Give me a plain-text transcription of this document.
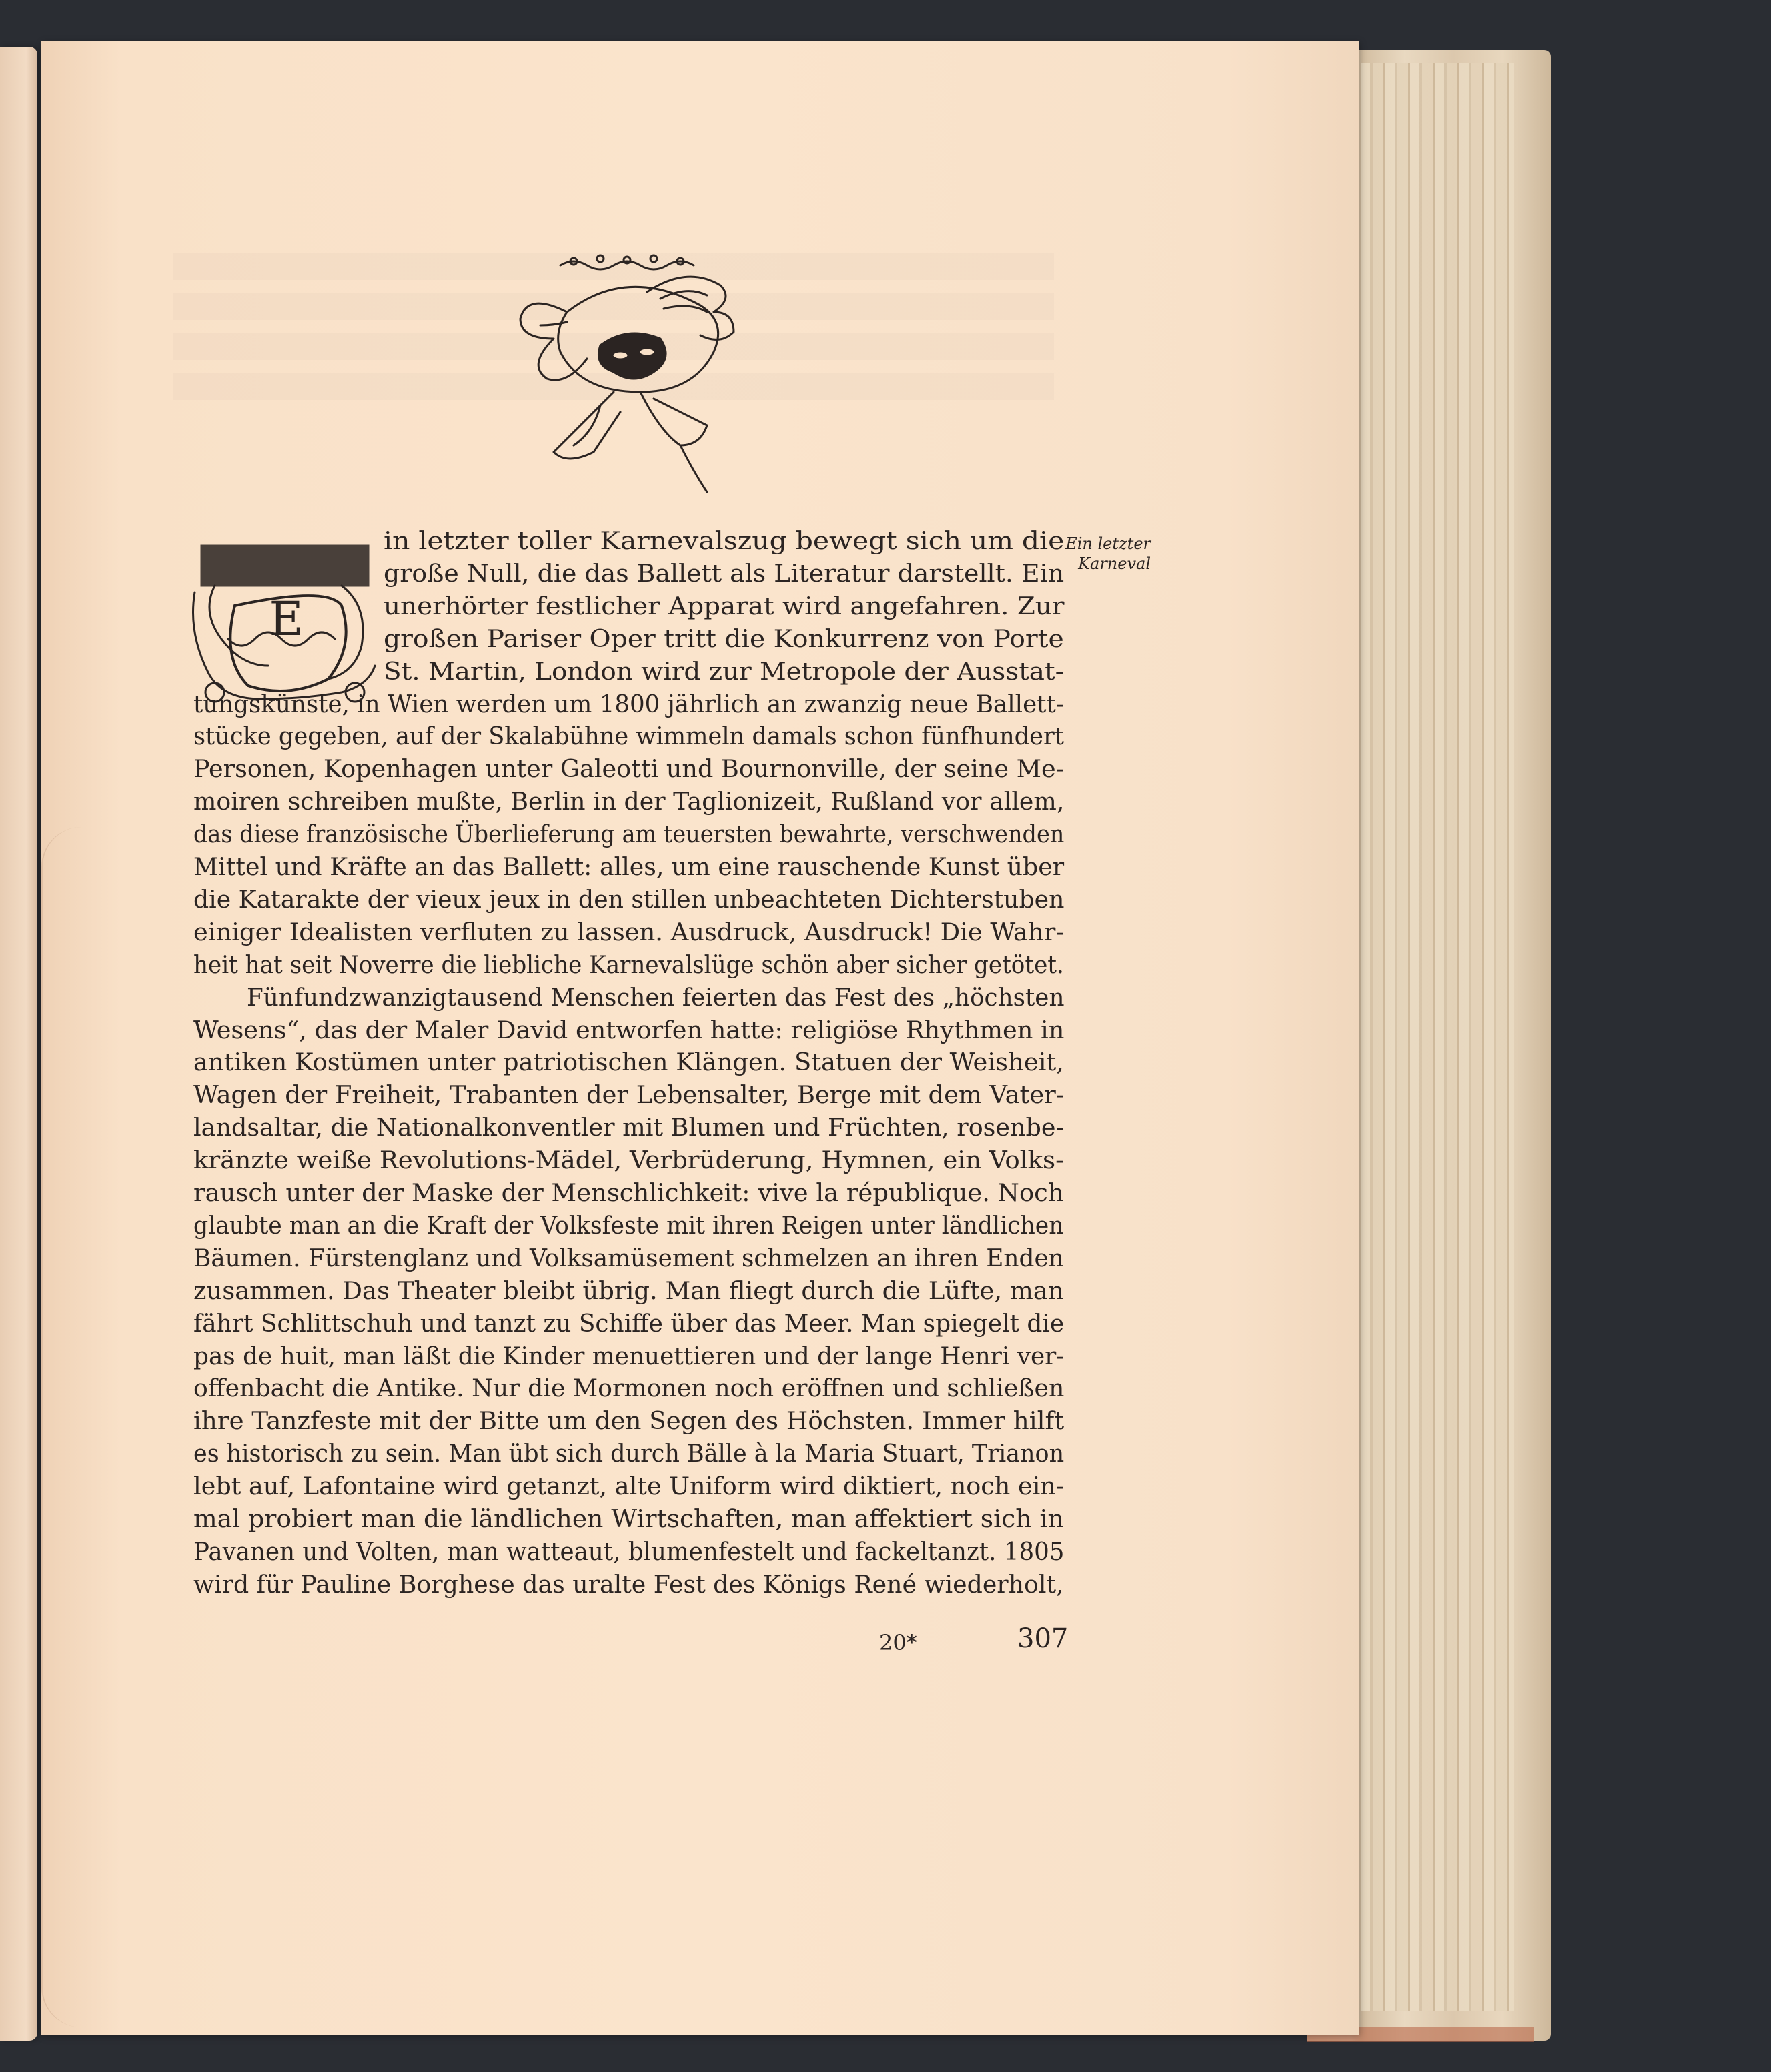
E
Ein letzter
Karneval
in letzter toller Karnevalszug bewegt sich um die
große Null, die das Ballett als Literatur darstellt. Ein
unerhörter festlicher Apparat wird angefahren. Zur
großen Pariser Oper tritt die Konkurrenz von Porte
St. Martin, London wird zur Metropole der Ausstat-
tungskünste, in Wien werden um 1800 jährlich an zwanzig neue Ballett-
stücke gegeben, auf der Skalabühne wimmeln damals schon fünfhundert
Personen, Kopenhagen unter Galeotti und Bournonville, der seine Me-
moiren schreiben mußte, Berlin in der Taglionizeit, Rußland vor allem,
das diese französische Überlieferung am teuersten bewahrte, verschwenden
Mittel und Kräfte an das Ballett: alles, um eine rauschende Kunst über
die Katarakte der vieux jeux in den stillen unbeachteten Dichterstuben
einiger Idealisten verfluten zu lassen. Ausdruck, Ausdruck! Die Wahr-
heit hat seit Noverre die liebliche Karnevalslüge schön aber sicher getötet.
Fünfundzwanzigtausend Menschen feierten das Fest des „höchsten
Wesens“, das der Maler David entworfen hatte: religiöse Rhythmen in
antiken Kostümen unter patriotischen Klängen. Statuen der Weisheit,
Wagen der Freiheit, Trabanten der Lebensalter, Berge mit dem Vater-
landsaltar, die Nationalkonventler mit Blumen und Früchten, rosenbe-
kränzte weiße Revolutions-Mädel, Verbrüderung, Hymnen, ein Volks-
rausch unter der Maske der Menschlichkeit: vive la république. Noch
glaubte man an die Kraft der Volksfeste mit ihren Reigen unter ländlichen
Bäumen. Fürstenglanz und Volksamüsement schmelzen an ihren Enden
zusammen. Das Theater bleibt übrig. Man fliegt durch die Lüfte, man
fährt Schlittschuh und tanzt zu Schiffe über das Meer. Man spiegelt die
pas de huit, man läßt die Kinder menuettieren und der lange Henri ver-
offenbacht die Antike. Nur die Mormonen noch eröffnen und schließen
ihre Tanzfeste mit der Bitte um den Segen des Höchsten. Immer hilft
es historisch zu sein. Man übt sich durch Bälle à la Maria Stuart, Trianon
lebt auf, Lafontaine wird getanzt, alte Uniform wird diktiert, noch ein-
mal probiert man die ländlichen Wirtschaften, man affektiert sich in
Pavanen und Volten, man watteaut, blumenfestelt und fackeltanzt. 1805
wird für Pauline Borghese das uralte Fest des Königs René wiederholt,
20*	307
